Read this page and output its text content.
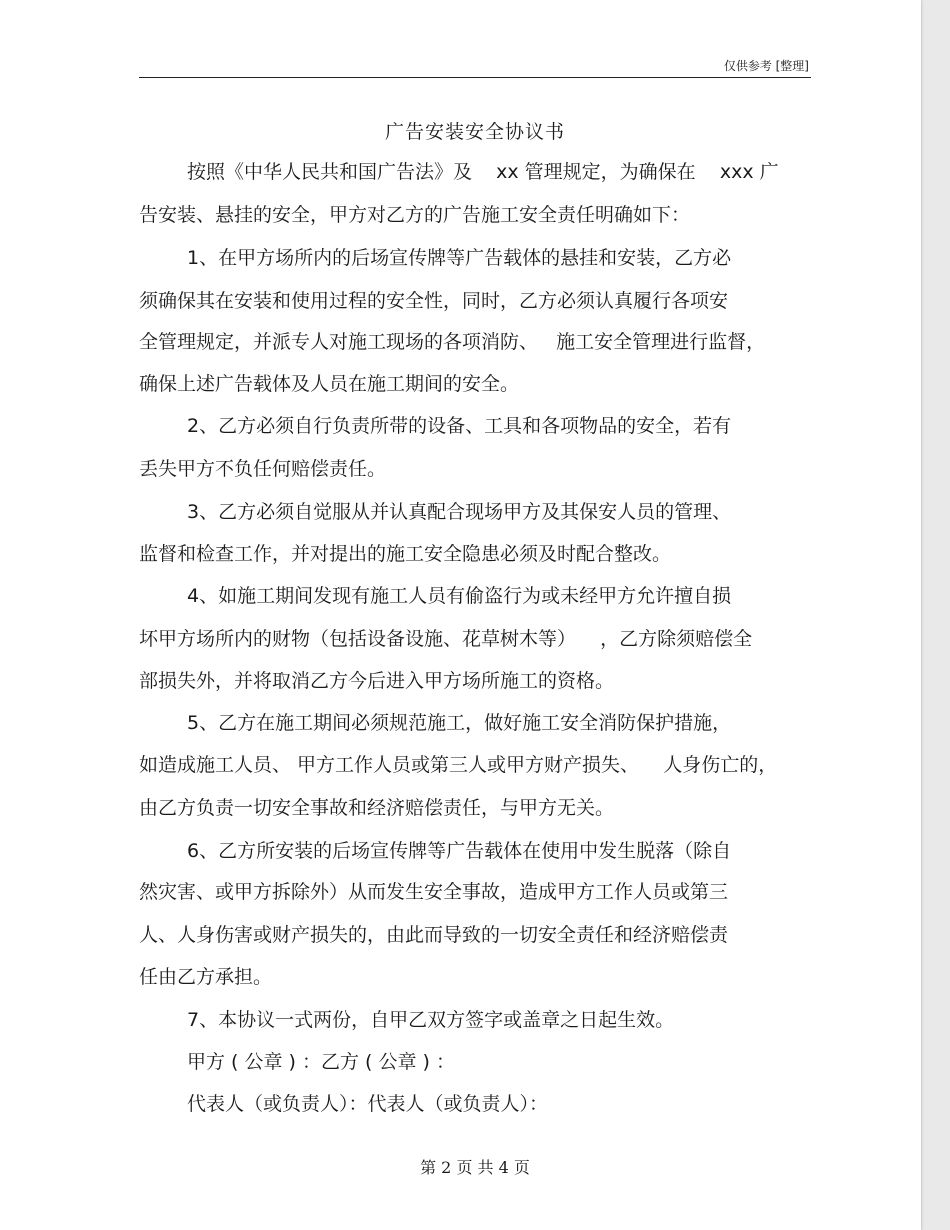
仅供参考 [整理]
广告安装安全协议书
按照《中华人民共和国广告法》及    xx 管理规定，为确保在    xxx 广
告安装、悬挂的安全，甲方对乙方的广告施工安全责任明确如下：
1、在甲方场所内的后场宣传牌等广告载体的悬挂和安装，乙方必
须确保其在安装和使用过程的安全性，同时，乙方必须认真履行各项安
全管理规定，并派专人对施工现场的各项消防、   施工安全管理进行监督，
确保上述广告载体及人员在施工期间的安全。
2、乙方必须自行负责所带的设备、工具和各项物品的安全，若有
丢失甲方不负任何赔偿责任。
3、乙方必须自觉服从并认真配合现场甲方及其保安人员的管理、
监督和检查工作，并对提出的施工安全隐患必须及时配合整改。
4、如施工期间发现有施工人员有偷盗行为或未经甲方允许擅自损
坏甲方场所内的财物（包括设备设施、花草树木等）    ，乙方除须赔偿全
部损失外，并将取消乙方今后进入甲方场所施工的资格。
5、乙方在施工期间必须规范施工，做好施工安全消防保护措施，
如造成施工人员、 甲方工作人员或第三人或甲方财产损失、    人身伤亡的，
由乙方负责一切安全事故和经济赔偿责任，与甲方无关。
6、乙方所安装的后场宣传牌等广告载体在使用中发生脱落（除自
然灾害、或甲方拆除外）从而发生安全事故，造成甲方工作人员或第三
人、人身伤害或财产损失的，由此而导致的一切安全责任和经济赔偿责
任由乙方承担。
7、本协议一式两份，自甲乙双方签字或盖章之日起生效。
甲方 ( 公章 ) ：乙方 ( 公章 ) ：
代表人（或负责人）：代表人（或负责人）：
第 2 页 共 4 页
